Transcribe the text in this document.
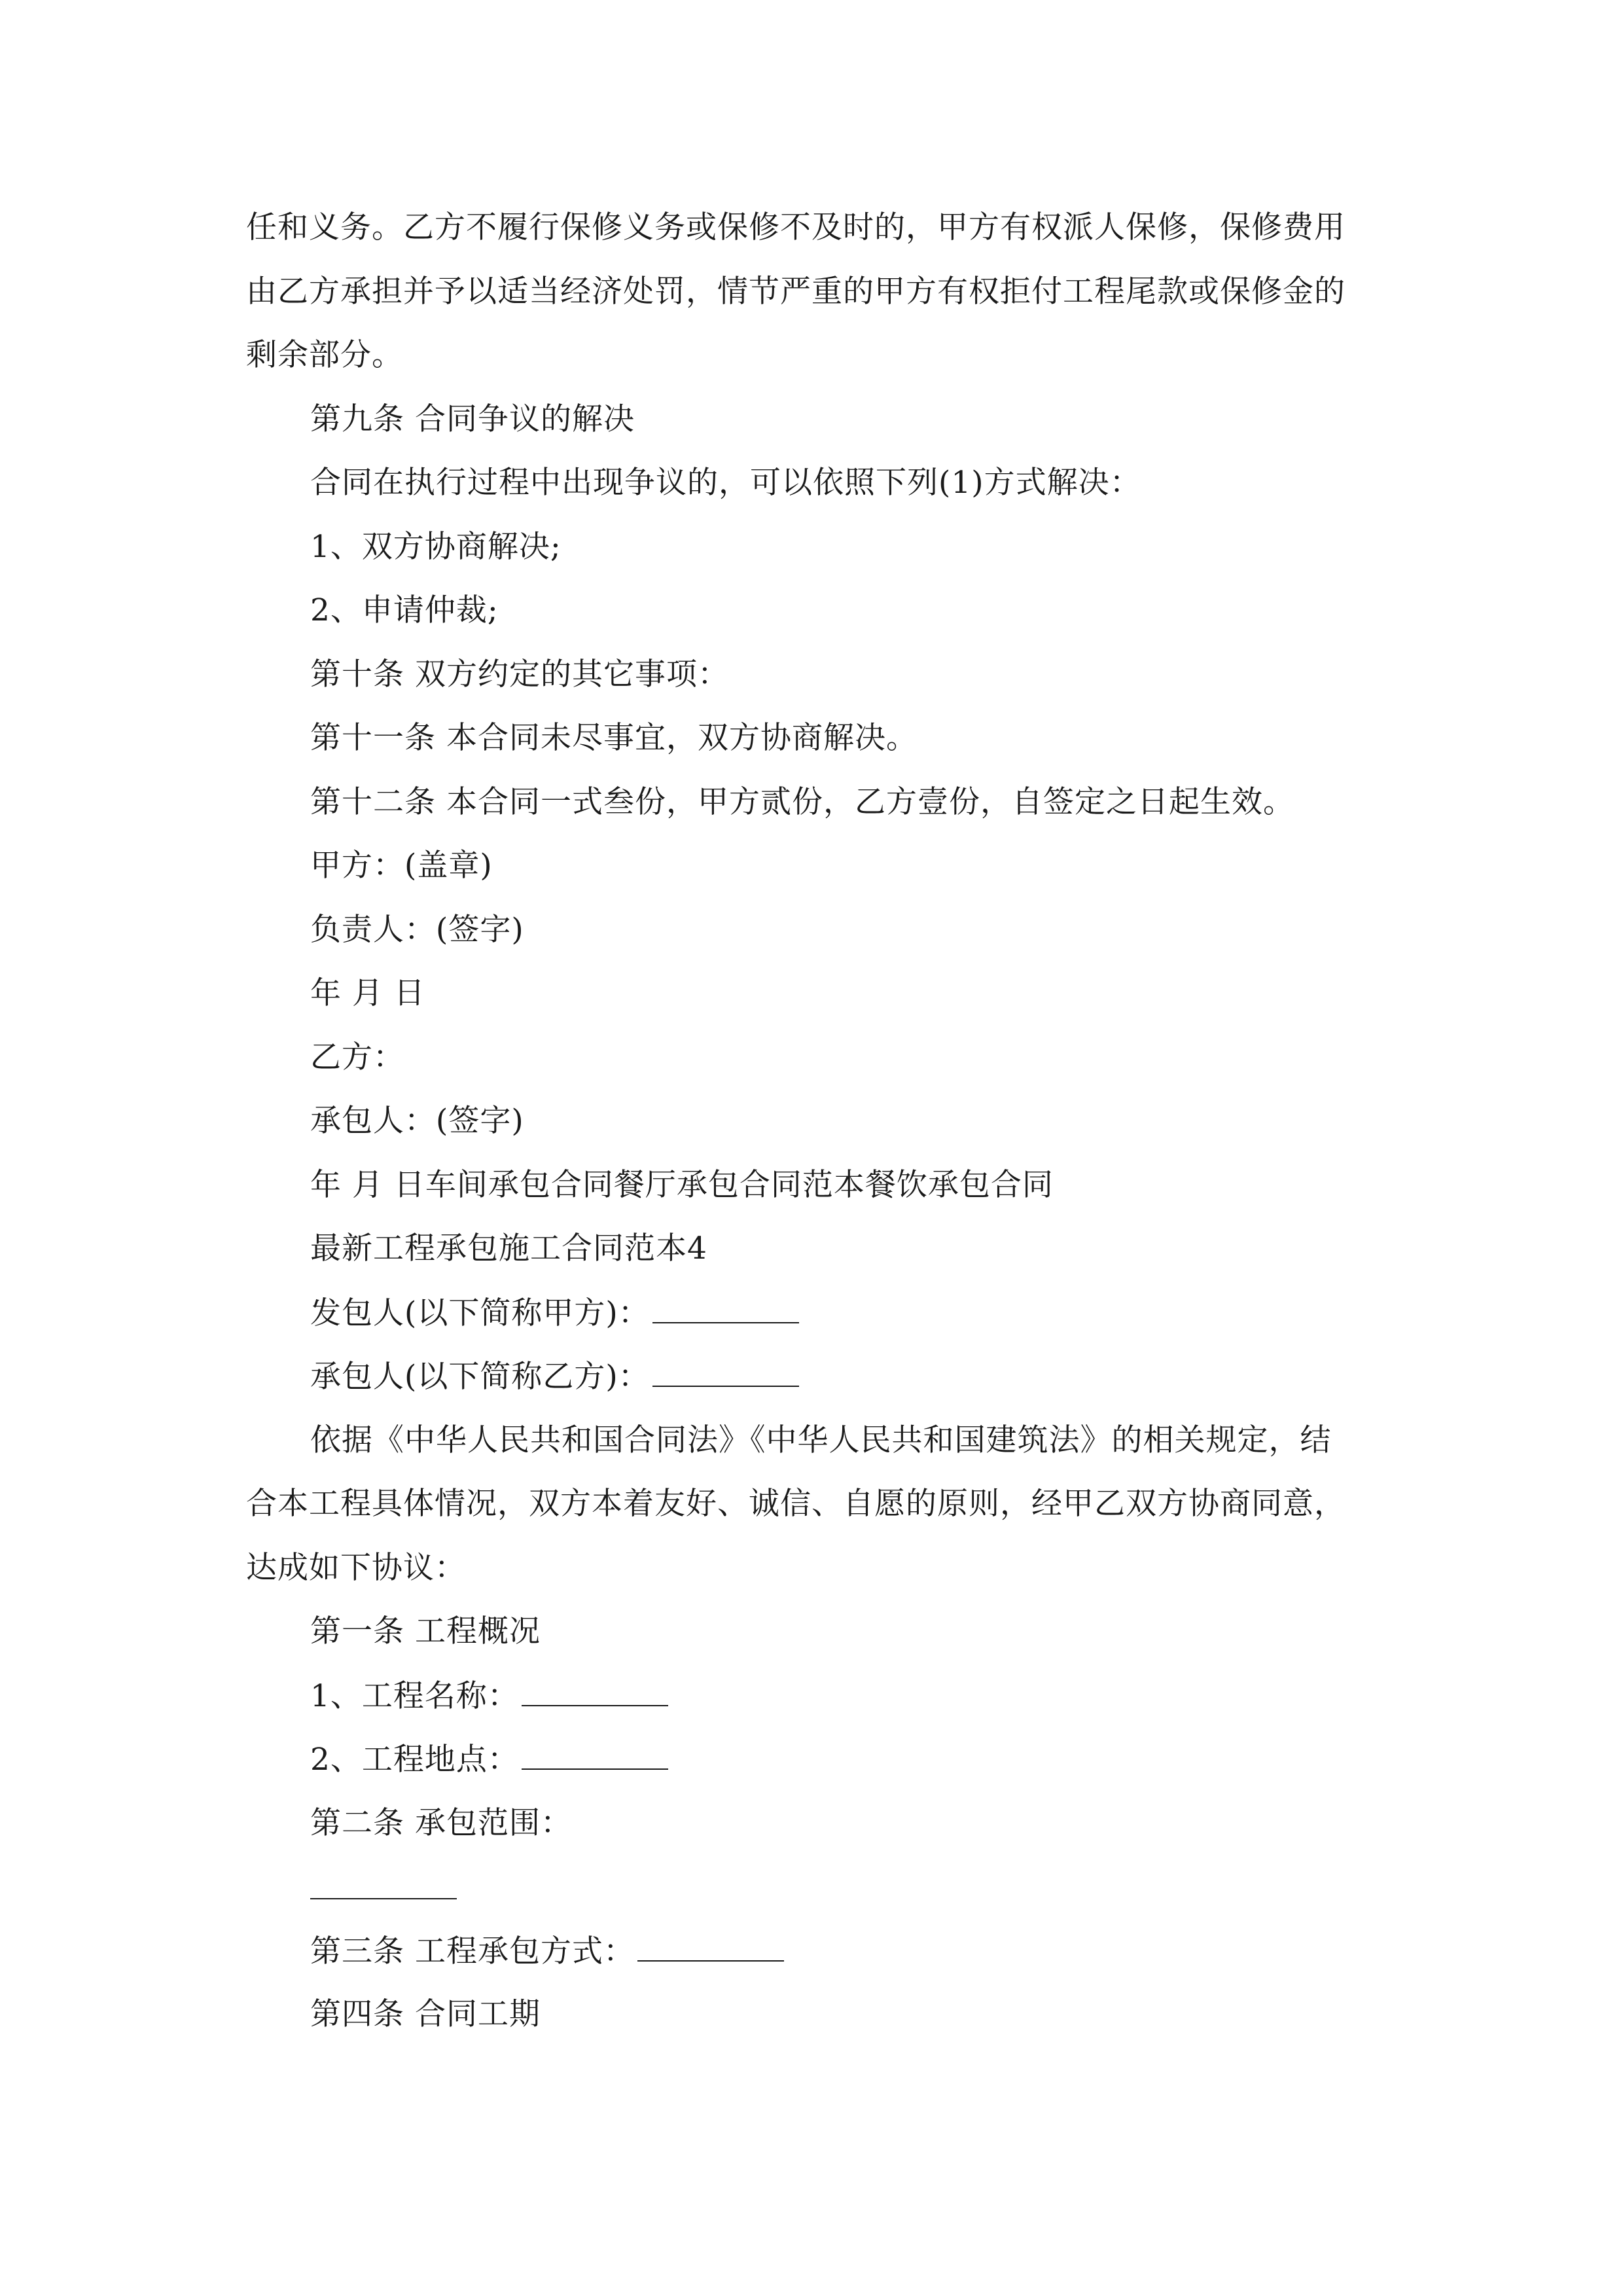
任和义务。乙方不履行保修义务或保修不及时的，甲方有权派人保修，保修费用
由乙方承担并予以适当经济处罚，情节严重的甲方有权拒付工程尾款或保修金的
剩余部分。
第九条 合同争议的解决
合同在执行过程中出现争议的，可以依照下列(1)方式解决：
1、双方协商解决;
2、申请仲裁;
第十条 双方约定的其它事项：
第十一条 本合同未尽事宜，双方协商解决。
第十二条 本合同一式叁份，甲方贰份，乙方壹份，自签定之日起生效。
甲方：(盖章)
负责人：(签字)
年 月 日
乙方：
承包人：(签字)
年 月 日车间承包合同餐厅承包合同范本餐饮承包合同
最新工程承包施工合同范本4
发包人(以下简称甲方)：
承包人(以下简称乙方)：
依据《中华人民共和国合同法》《中华人民共和国建筑法》的相关规定，结
合本工程具体情况，双方本着友好、诚信、自愿的原则，经甲乙双方协商同意，
达成如下协议：
第一条 工程概况
1、工程名称：
2、工程地点：
第二条 承包范围：
第三条 工程承包方式：
第四条 合同工期
